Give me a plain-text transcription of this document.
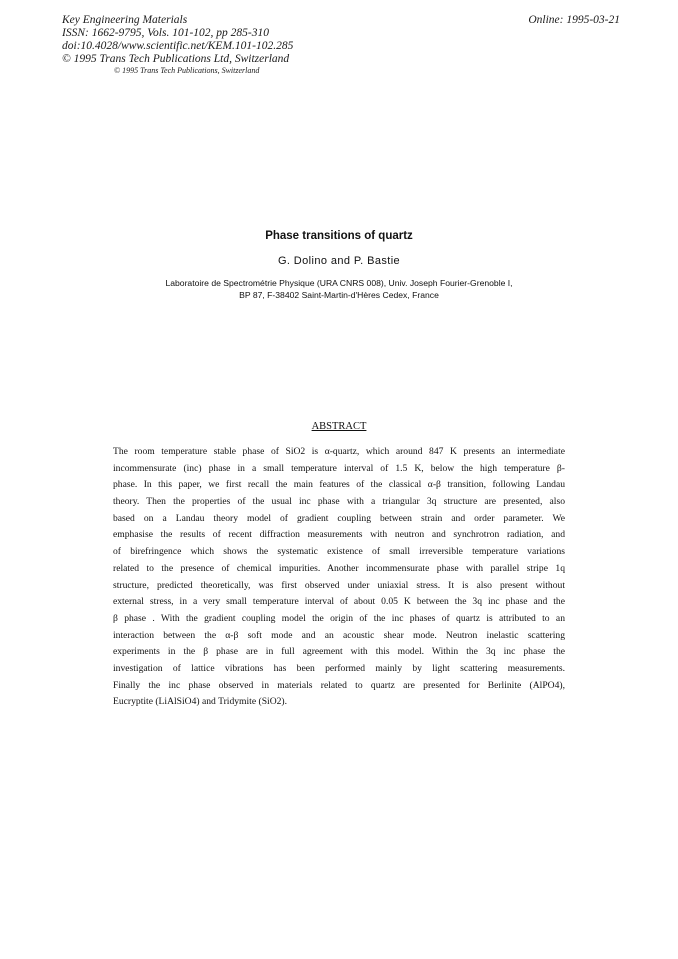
Key Engineering Materials
ISSN: 1662-9795, Vols. 101-102, pp 285-310
doi:10.4028/www.scientific.net/KEM.101-102.285
© 1995 Trans Tech Publications Ltd, Switzerland
Online: 1995-03-21
© 1995 Trans Tech Publications, Switzerland
Phase transitions of quartz
G. Dolino and P. Bastie
Laboratoire de Spectrométrie Physique (URA CNRS 008), Univ. Joseph Fourier-Grenoble I,
BP 87, F-38402 Saint-Martin-d'Hères Cedex, France
ABSTRACT
The room temperature stable phase of SiO2 is α-quartz, which around 847 K presents an intermediate
incommensurate (inc) phase in a small temperature interval of 1.5 K, below the high temperature β-
phase. In this paper, we first recall the main features of the classical α-β transition, following Landau
theory. Then the properties of the usual inc phase with a triangular 3q structure are presented, also
based on a Landau theory model of gradient coupling between strain and order parameter. We
emphasise the results of recent diffraction measurements with neutron and synchrotron radiation, and
of birefringence which shows the systematic existence of small irreversible temperature variations
related to the presence of chemical impurities. Another incommensurate phase with parallel stripe 1q
structure, predicted theoretically, was first observed under uniaxial stress. It is also present without
external stress, in a very small temperature interval of about 0.05 K between the 3q inc phase and the
β phase . With the gradient coupling model the origin of the inc phases of quartz is attributed to an
interaction between the α-β soft mode and an acoustic shear mode. Neutron inelastic scattering
experiments in the β phase are in full agreement with this model. Within the 3q inc phase the
investigation of lattice vibrations has been performed mainly by light scattering measurements.
Finally the inc phase observed in materials related to quartz are presented for Berlinite (AlPO4),
Eucryptite (LiAlSiO4) and Tridymite (SiO2).
